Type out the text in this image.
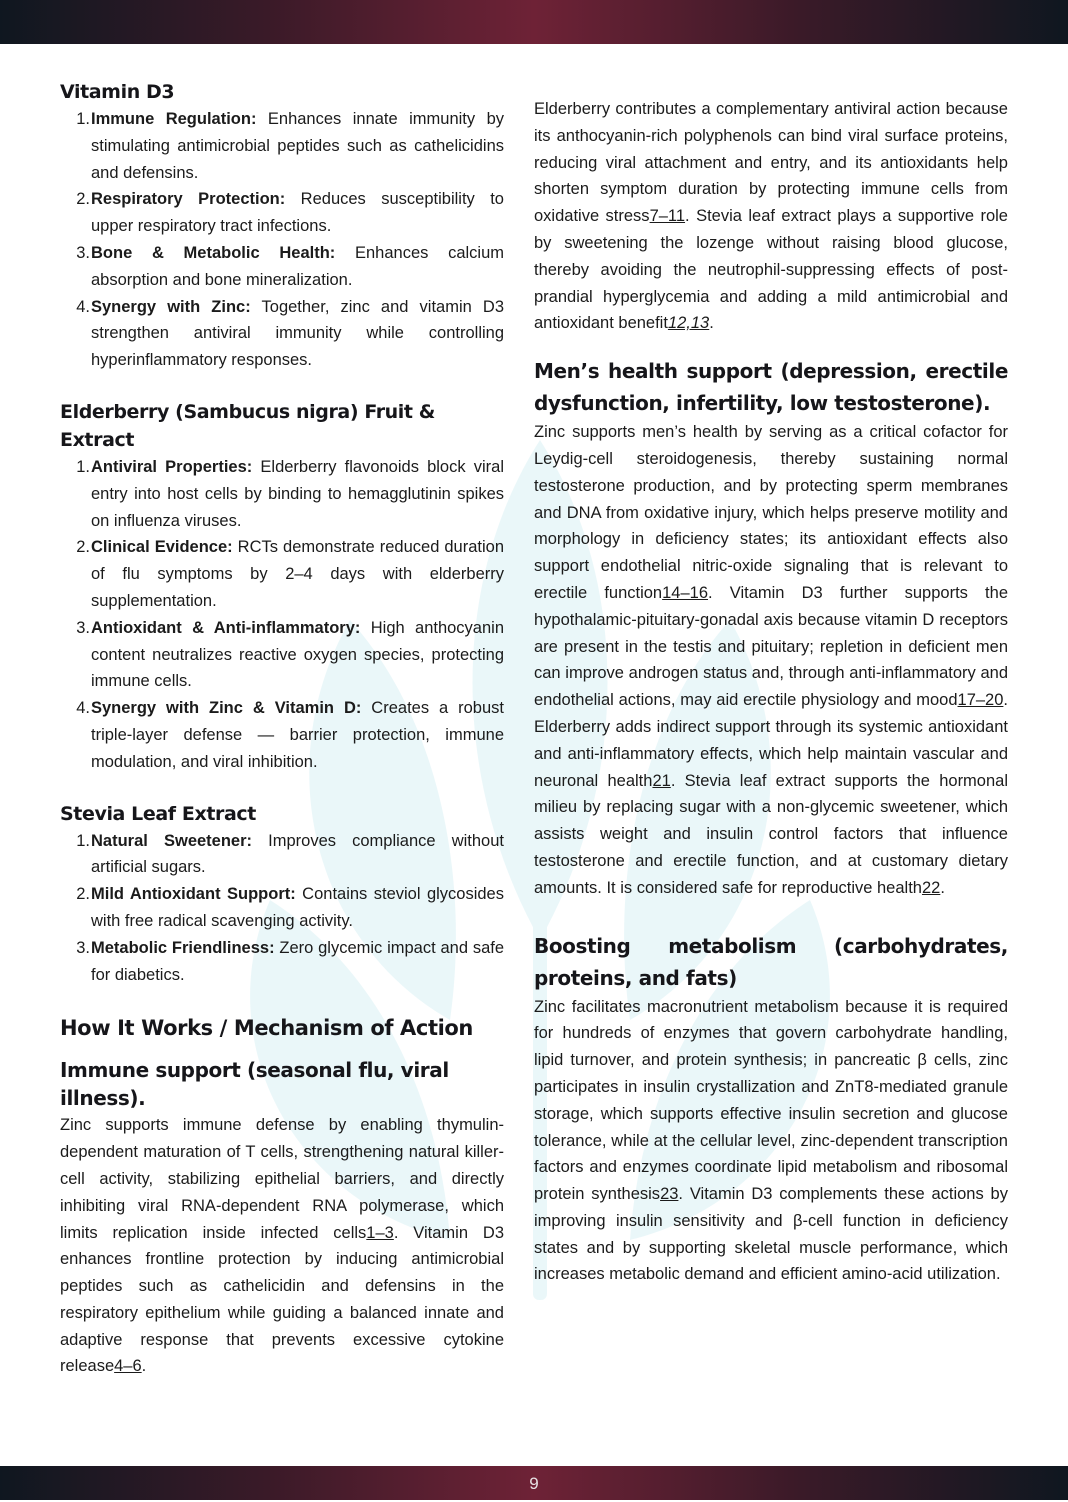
Vitamin D3
1. Immune Regulation: Enhances innate immunity by stimulating antimicrobial peptides such as cathelicidins and defensins.
2. Respiratory Protection: Reduces susceptibility to upper respiratory tract infections.
3. Bone & Metabolic Health: Enhances calcium absorption and bone mineralization.
4. Synergy with Zinc: Together, zinc and vitamin D3 strengthen antiviral immunity while controlling hyperinflammatory responses.
Elderberry (Sambucus nigra) Fruit & Extract
1. Antiviral Properties: Elderberry flavonoids block viral entry into host cells by binding to hemagglutinin spikes on influenza viruses.
2. Clinical Evidence: RCTs demonstrate reduced duration of flu symptoms by 2–4 days with elderberry supplementation.
3. Antioxidant & Anti-inflammatory: High anthocyanin content neutralizes reactive oxygen species, protecting immune cells.
4. Synergy with Zinc & Vitamin D: Creates a robust triple-layer defense — barrier protection, immune modulation, and viral inhibition.
Stevia Leaf Extract
1. Natural Sweetener: Improves compliance without artificial sugars.
2. Mild Antioxidant Support: Contains steviol glycosides with free radical scavenging activity.
3. Metabolic Friendliness: Zero glycemic impact and safe for diabetics.
How It Works / Mechanism of Action
Immune support (seasonal flu, viral illness).

Zinc supports immune defense by enabling thymulin-dependent maturation of T cells, strengthening natural killer-cell activity, stabilizing epithelial barriers, and directly inhibiting viral RNA-dependent RNA polymerase, which limits replication inside infected cells1–3. Vitamin D3 enhances frontline protection by inducing antimicrobial peptides such as cathelicidin and defensins in the respiratory epithelium while guiding a balanced innate and adaptive response that prevents excessive cytokine release4–6.

Elderberry contributes a complementary antiviral action because its anthocyanin-rich polyphenols can bind viral surface proteins, reducing viral attachment and entry, and its antioxidants help shorten symptom duration by protecting immune cells from oxidative stress7–11. Stevia leaf extract plays a supportive role by sweetening the lozenge without raising blood glucose, thereby avoiding the neutrophil-suppressing effects of post-prandial hyperglycemia and adding a mild antimicrobial and antioxidant benefit12,13.

Men’s health support (depression, erectile dysfunction, infertility, low testosterone).

Zinc supports men’s health by serving as a critical cofactor for Leydig-cell steroidogenesis, thereby sustaining normal testosterone production, and by protecting sperm membranes and DNA from oxidative injury, which helps preserve motility and morphology in deficiency states; its antioxidant effects also support endothelial nitric-oxide signaling that is relevant to erectile function14–16. Vitamin D3 further supports the hypothalamic-pituitary-gonadal axis because vitamin D receptors are present in the testis and pituitary; repletion in deficient men can improve androgen status and, through anti-inflammatory and endothelial actions, may aid erectile physiology and mood17–20. Elderberry adds indirect support through its systemic antioxidant and anti-inflammatory effects, which help maintain vascular and neuronal health21. Stevia leaf extract supports the hormonal milieu by replacing sugar with a non-glycemic sweetener, which assists weight and insulin control factors that influence testosterone and erectile function, and at customary dietary amounts. It is considered safe for reproductive health22.

Boosting metabolism (carbohydrates, proteins, and fats)

Zinc facilitates macronutrient metabolism because it is required for hundreds of enzymes that govern carbohydrate handling, lipid turnover, and protein synthesis; in pancreatic β cells, zinc participates in insulin crystallization and ZnT8-mediated granule storage, which supports effective insulin secretion and glucose tolerance, while at the cellular level, zinc-dependent transcription factors and enzymes coordinate lipid metabolism and ribosomal protein synthesis23. Vitamin D3 complements these actions by improving insulin sensitivity and β-cell function in deficiency states and by supporting skeletal muscle performance, which increases metabolic demand and efficient amino-acid utilization.

9
